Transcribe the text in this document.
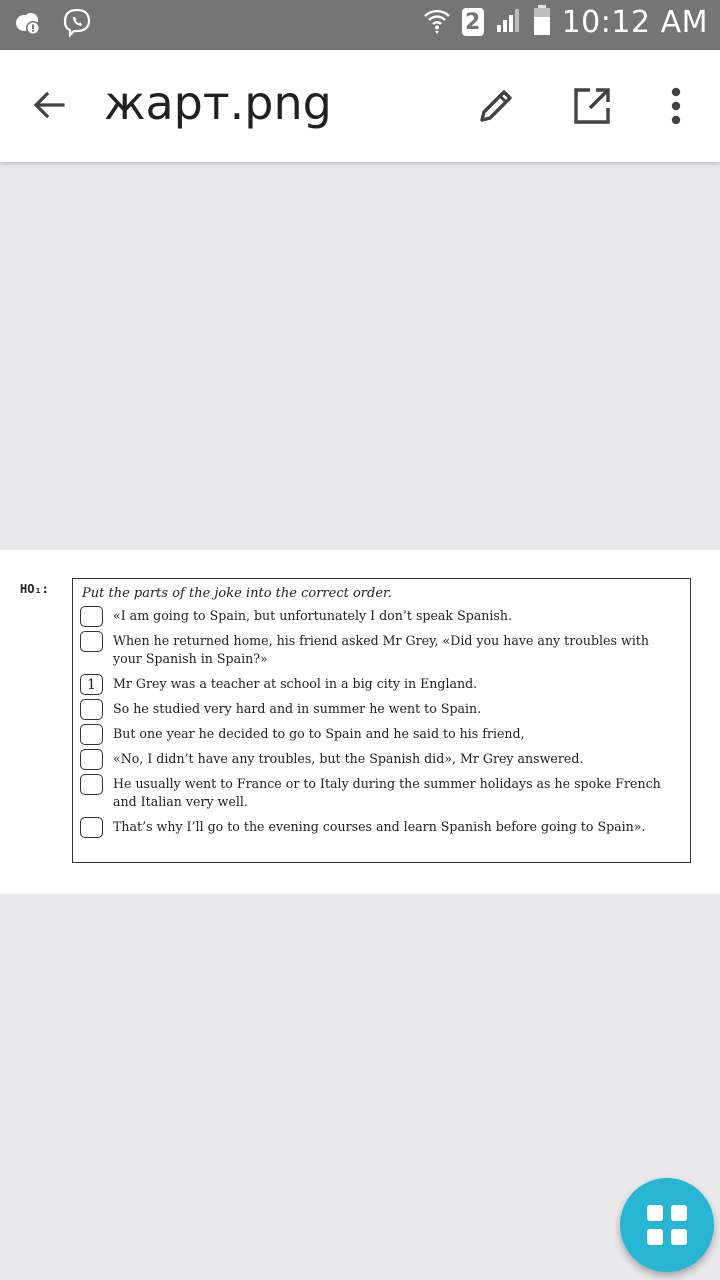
2	10:12 AM
жарт.png
НО₁:	Put the parts of the joke into the correct order.
«I am going to Spain, but unfortunately I don’t speak Spanish.
When he returned home, his friend asked Mr Grey, «Did you have any troubles with your Spanish in Spain?»
1	Mr Grey was a teacher at school in a big city in England.
So he studied very hard and in summer he went to Spain.
But one year he decided to go to Spain and he said to his friend,
«No, I didn’t have any troubles, but the Spanish did», Mr Grey answered.
He usually went to France or to Italy during the summer holidays as he spoke French and Italian very well.
That’s why I’ll go to the evening courses and learn Spanish before going to Spain».
